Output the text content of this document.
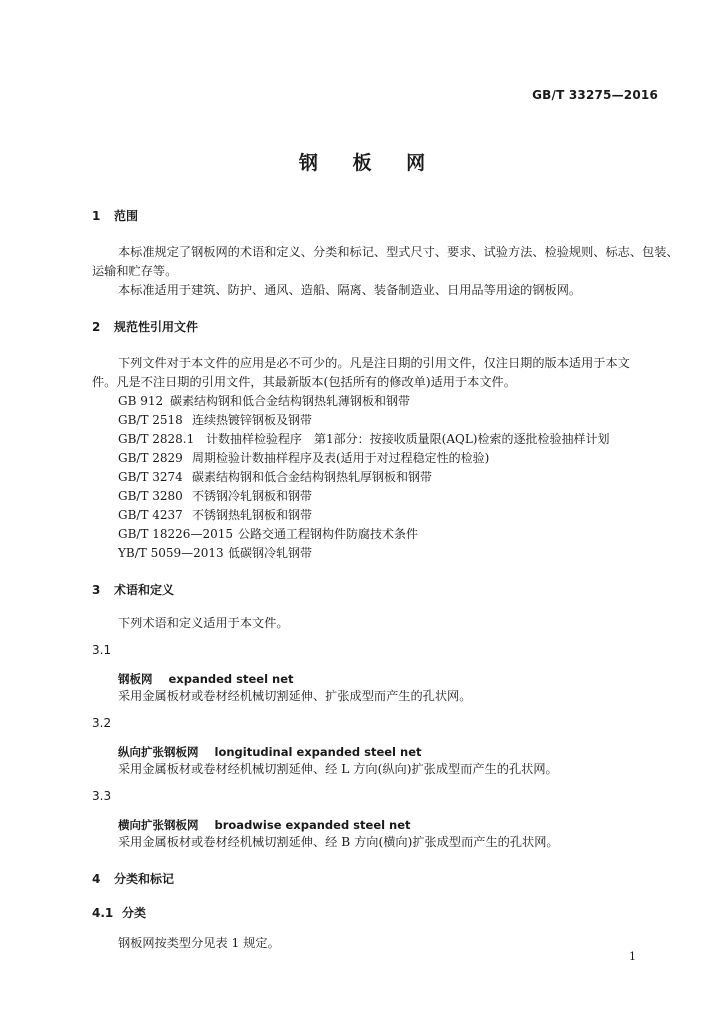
GB/T 33275—2016
钢 板 网
1 范围
本标准规定了钢板网的术语和定义、分类和标记、型式尺寸、要求、试验方法、检验规则、标志、包装、
运输和贮存等。
本标准适用于建筑、防护、通风、造船、隔离、装备制造业、日用品等用途的钢板网。
2 规范性引用文件
下列文件对于本文件的应用是必不可少的。凡是注日期的引用文件，仅注日期的版本适用于本文
件。凡是不注日期的引用文件，其最新版本(包括所有的修改单)适用于本文件。
GB 912 碳素结构钢和低合金结构钢热轧薄钢板和钢带
GB/T 2518 连续热镀锌钢板及钢带
GB/T 2828.1 计数抽样检验程序　第1部分：按接收质量限(AQL)检索的逐批检验抽样计划
GB/T 2829 周期检验计数抽样程序及表(适用于对过程稳定性的检验)
GB/T 3274 碳素结构钢和低合金结构钢热轧厚钢板和钢带
GB/T 3280 不锈钢冷轧钢板和钢带
GB/T 4237 不锈钢热轧钢板和钢带
GB/T 18226—2015 公路交通工程钢构件防腐技术条件
YB/T 5059—2013 低碳钢冷轧钢带
3 术语和定义
下列术语和定义适用于本文件。
3.1
钢板网 expanded steel net
采用金属板材或卷材经机械切割延伸、扩张成型而产生的孔状网。
3.2
纵向扩张钢板网 longitudinal expanded steel net
采用金属板材或卷材经机械切割延伸、经 L 方向(纵向)扩张成型而产生的孔状网。
3.3
横向扩张钢板网 broadwise expanded steel net
采用金属板材或卷材经机械切割延伸、经 B 方向(横向)扩张成型而产生的孔状网。
4 分类和标记
4.1 分类
钢板网按类型分见表 1 规定。
1
